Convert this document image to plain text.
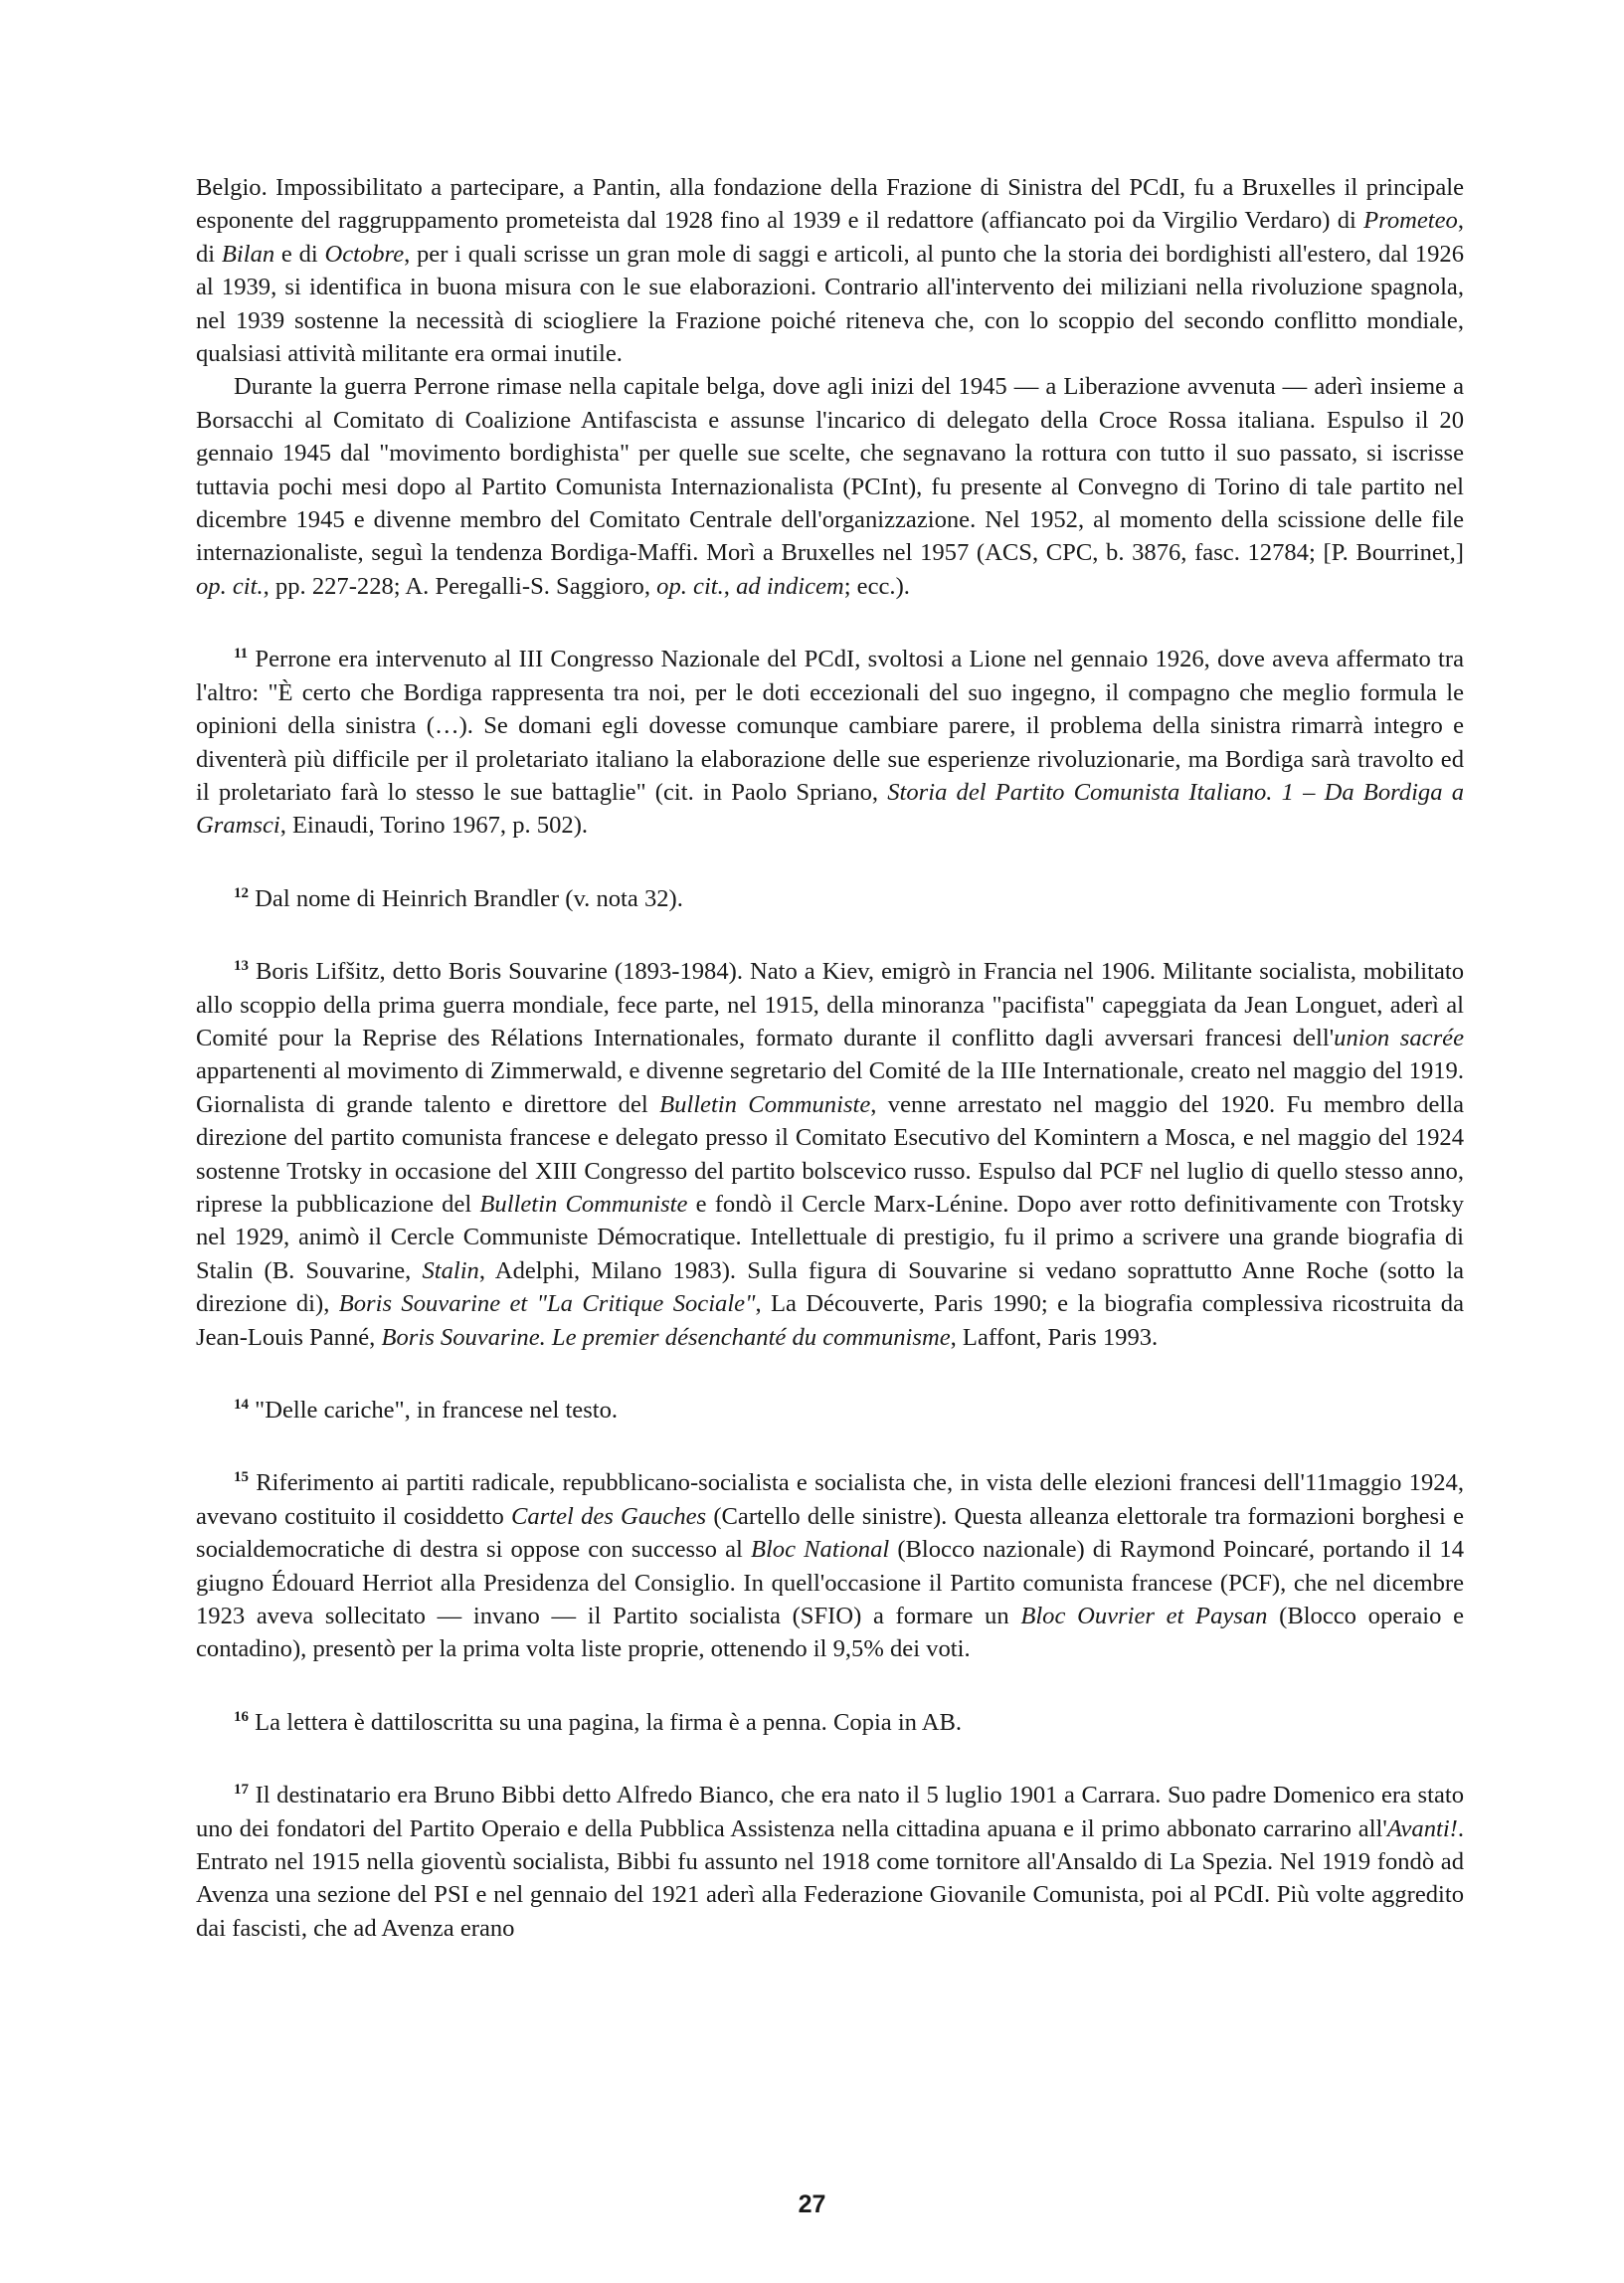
Belgio. Impossibilitato a partecipare, a Pantin, alla fondazione della Frazione di Sinistra del PCdI, fu a Bruxelles il principale esponente del raggruppamento prometeista dal 1928 fino al 1939 e il redattore (affiancato poi da Virgilio Verdaro) di Prometeo, di Bilan e di Octobre, per i quali scrisse un gran mole di saggi e articoli, al punto che la storia dei bordighisti all'estero, dal 1926 al 1939, si identifica in buona misura con le sue elaborazioni. Contrario all'intervento dei miliziani nella rivoluzione spagnola, nel 1939 sostenne la necessità di sciogliere la Frazione poiché riteneva che, con lo scoppio del secondo conflitto mondiale, qualsiasi attività militante era ormai inutile.

Durante la guerra Perrone rimase nella capitale belga, dove agli inizi del 1945 — a Liberazione avvenuta — aderì insieme a Borsacchi al Comitato di Coalizione Antifascista e assunse l'incarico di delegato della Croce Rossa italiana. Espulso il 20 gennaio 1945 dal "movimento bordighista" per quelle sue scelte, che segnavano la rottura con tutto il suo passato, si iscrisse tuttavia pochi mesi dopo al Partito Comunista Internazionalista (PCInt), fu presente al Convegno di Torino di tale partito nel dicembre 1945 e divenne membro del Comitato Centrale dell'organizzazione. Nel 1952, al momento della scissione delle file internazionaliste, seguì la tendenza Bordiga-Maffi. Morì a Bruxelles nel 1957 (ACS, CPC, b. 3876, fasc. 12784; [P. Bourrinet,] op. cit., pp. 227-228; A. Peregalli-S. Saggioro, op. cit., ad indicem; ecc.).

$^{11}$ Perrone era intervenuto al III Congresso Nazionale del PCdI, svoltosi a Lione nel gennaio 1926, dove aveva affermato tra l'altro: "È certo che Bordiga rappresenta tra noi, per le doti eccezionali del suo ingegno, il compagno che meglio formula le opinioni della sinistra (…). Se domani egli dovesse comunque cambiare parere, il problema della sinistra rimarrà integro e diventerà più difficile per il proletariato italiano la elaborazione delle sue esperienze rivoluzionarie, ma Bordiga sarà travolto ed il proletariato farà lo stesso le sue battaglie" (cit. in Paolo Spriano, Storia del Partito Comunista Italiano. 1 – Da Bordiga a Gramsci, Einaudi, Torino 1967, p. 502).

$^{12}$ Dal nome di Heinrich Brandler (v. nota 32).

$^{13}$ Boris Lifšitz, detto Boris Souvarine (1893-1984). Nato a Kiev, emigrò in Francia nel 1906. Militante socialista, mobilitato allo scoppio della prima guerra mondiale, fece parte, nel 1915, della minoranza "pacifista" capeggiata da Jean Longuet, aderì al Comité pour la Reprise des Rélations Internationales, formato durante il conflitto dagli avversari francesi dell'union sacrée appartenenti al movimento di Zimmerwald, e divenne segretario del Comité de la IIIe Internationale, creato nel maggio del 1919. Giornalista di grande talento e direttore del Bulletin Communiste, venne arrestato nel maggio del 1920. Fu membro della direzione del partito comunista francese e delegato presso il Comitato Esecutivo del Komintern a Mosca, e nel maggio del 1924 sostenne Trotsky in occasione del XIII Congresso del partito bolscevico russo. Espulso dal PCF nel luglio di quello stesso anno, riprese la pubblicazione del Bulletin Communiste e fondò il Cercle Marx-Lénine. Dopo aver rotto definitivamente con Trotsky nel 1929, animò il Cercle Communiste Démocratique. Intellettuale di prestigio, fu il primo a scrivere una grande biografia di Stalin (B. Souvarine, Stalin, Adelphi, Milano 1983). Sulla figura di Souvarine si vedano soprattutto Anne Roche (sotto la direzione di), Boris Souvarine et "La Critique Sociale", La Découverte, Paris 1990; e la biografia complessiva ricostruita da Jean-Louis Panné, Boris Souvarine. Le premier désenchanté du communisme, Laffont, Paris 1993.

$^{14}$ "Delle cariche", in francese nel testo.

$^{15}$ Riferimento ai partiti radicale, repubblicano-socialista e socialista che, in vista delle elezioni francesi dell'11maggio 1924, avevano costituito il cosiddetto Cartel des Gauches (Cartello delle sinistre). Questa alleanza elettorale tra formazioni borghesi e socialdemocratiche di destra si oppose con successo al Bloc National (Blocco nazionale) di Raymond Poincaré, portando il 14 giugno Édouard Herriot alla Presidenza del Consiglio. In quell'occasione il Partito comunista francese (PCF), che nel dicembre 1923 aveva sollecitato — invano — il Partito socialista (SFIO) a formare un Bloc Ouvrier et Paysan (Blocco operaio e contadino), presentò per la prima volta liste proprie, ottenendo il 9,5% dei voti.

$^{16}$ La lettera è dattiloscritta su una pagina, la firma è a penna. Copia in AB.

$^{17}$ Il destinatario era Bruno Bibbi detto Alfredo Bianco, che era nato il 5 luglio 1901 a Carrara. Suo padre Domenico era stato uno dei fondatori del Partito Operaio e della Pubblica Assistenza nella cittadina apuana e il primo abbonato carrarino all'Avanti!. Entrato nel 1915 nella gioventù socialista, Bibbi fu assunto nel 1918 come tornitore all'Ansaldo di La Spezia. Nel 1919 fondò ad Avenza una sezione del PSI e nel gennaio del 1921 aderì alla Federazione Giovanile Comunista, poi al PCdI. Più volte aggredito dai fascisti, che ad Avenza erano

27
